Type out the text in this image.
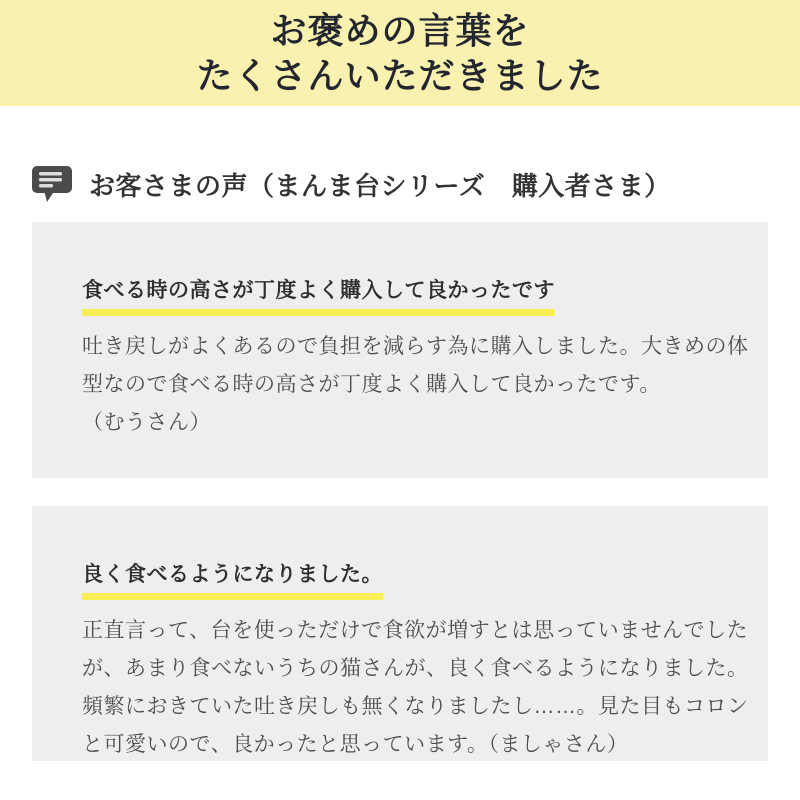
お褒めの言葉を
たくさんいただきました
お客さまの声（まんま台シリーズ　購入者さま）
食べる時の高さが丁度よく購入して良かったです

吐き戻しがよくあるので負担を減らす為に購入しました。大きめの体型なので食べる時の高さが丁度よく購入して良かったです。

（むうさん）

良く食べるようになりました。

正直言って、台を使っただけで食欲が増すとは思っていませんでしたが、あまり食べないうちの猫さんが、良く食べるようになりました。頻繁におきていた吐き戻しも無くなりましたし……。見た目もコロンと可愛いので、良かったと思っています。（ましゃさん）
